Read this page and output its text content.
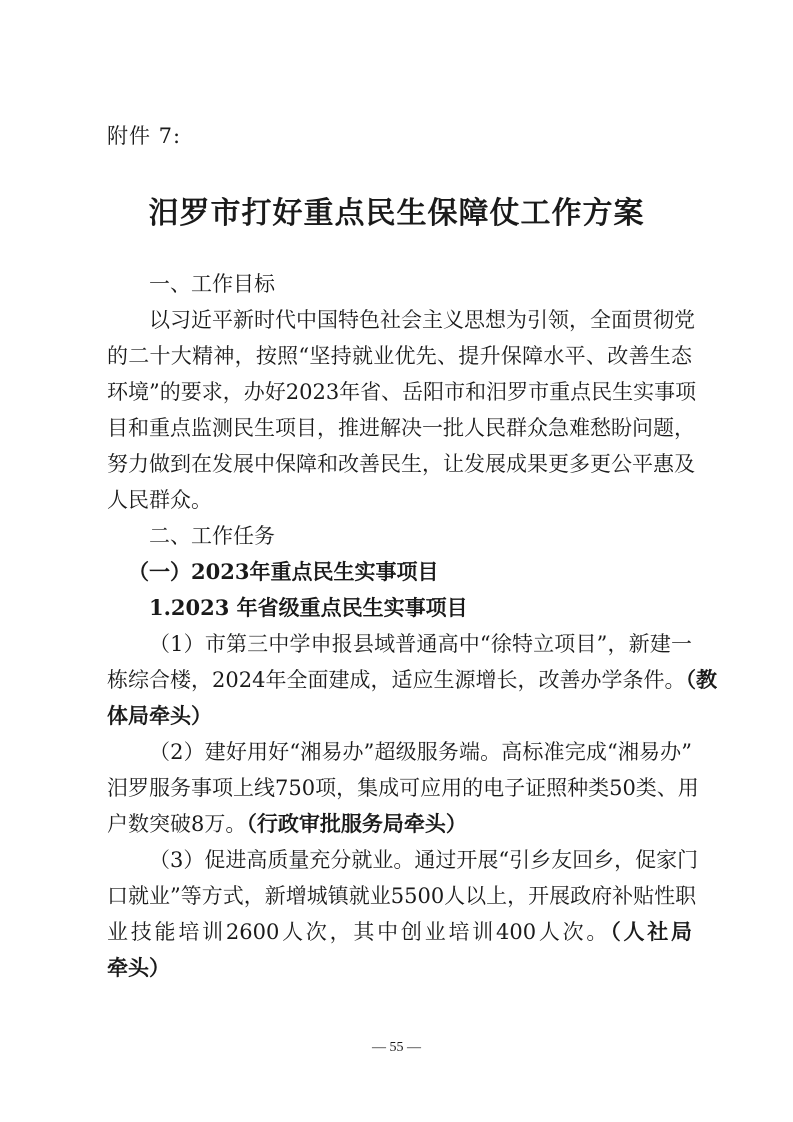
附件 7:
汨罗市打好重点民生保障仗工作方案
一、工作目标
以习近平新时代中国特色社会主义思想为引领，全面贯彻党
的二十大精神，按照“坚持就业优先、提升保障水平、改善生态
环境”的要求，办好2023年省、岳阳市和汨罗市重点民生实事项
目和重点监测民生项目，推进解决一批人民群众急难愁盼问题，
努力做到在发展中保障和改善民生，让发展成果更多更公平惠及
人民群众。
二、工作任务
（一）2023年重点民生实事项目
1.2023 年省级重点民生实事项目
（1）市第三中学申报县域普通高中“徐特立项目”，新建一
栋综合楼，2024年全面建成，适应生源增长，改善办学条件。（教
体局牵头）
（2）建好用好“湘易办”超级服务端。高标准完成“湘易办”
汨罗服务事项上线750项，集成可应用的电子证照种类50类、用
户数突破8万。（行政审批服务局牵头）
（3）促进高质量充分就业。通过开展“引乡友回乡，促家门
口就业”等方式，新增城镇就业5500人以上，开展政府补贴性职
业技能培训2600人次，其中创业培训400人次。（人社局
牵头）
— 55 —
